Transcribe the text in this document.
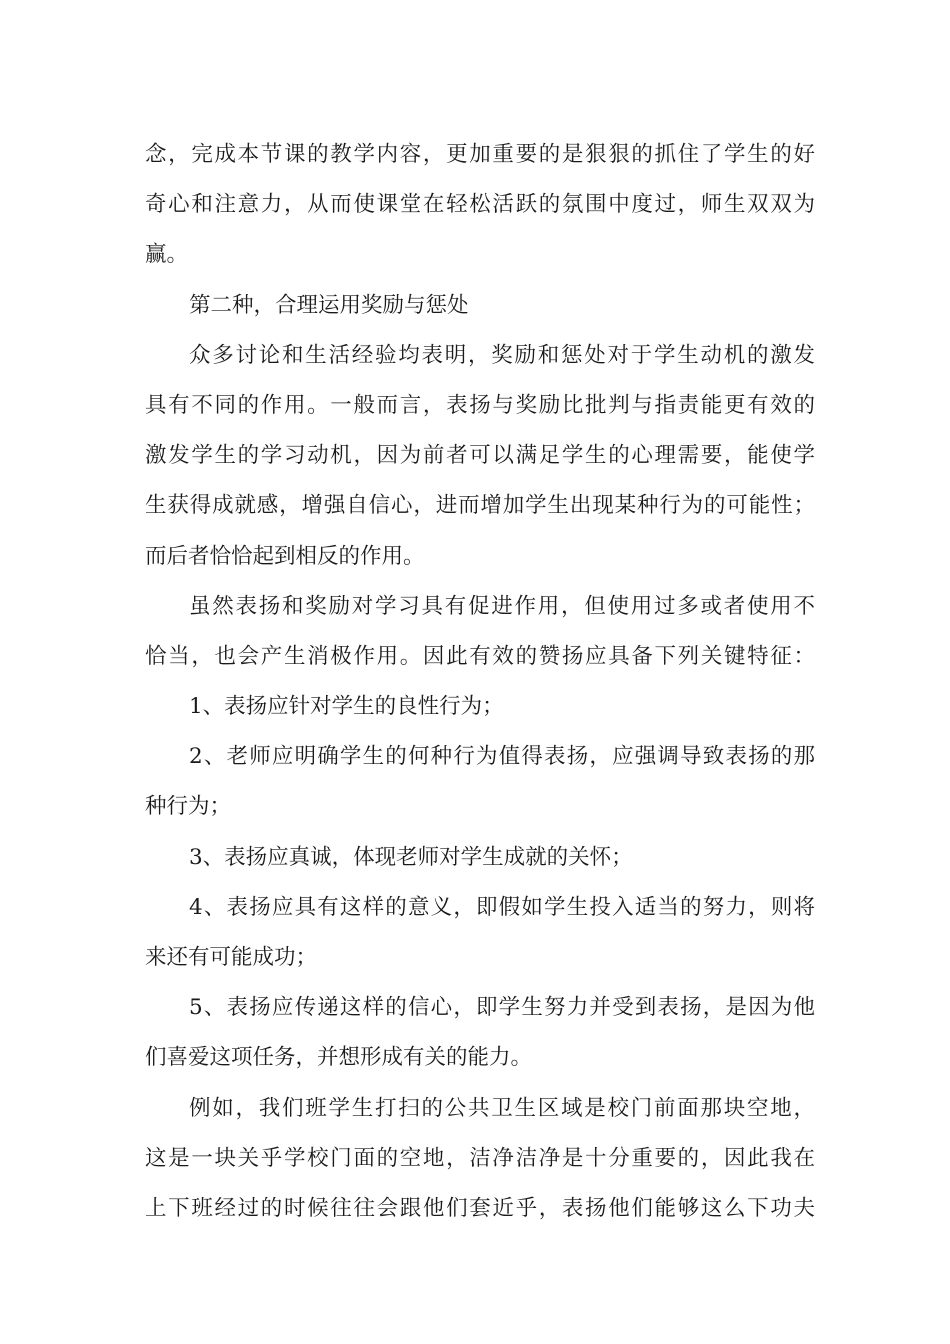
念，完成本节课的教学内容，更加重要的是狠狠的抓住了学生的好

奇心和注意力，从而使课堂在轻松活跃的氛围中度过，师生双双为

赢。

第二种，合理运用奖励与惩处

众多讨论和生活经验均表明，奖励和惩处对于学生动机的激发

具有不同的作用。一般而言，表扬与奖励比批判与指责能更有效的

激发学生的学习动机，因为前者可以满足学生的心理需要，能使学

生获得成就感，增强自信心，进而增加学生出现某种行为的可能性；

而后者恰恰起到相反的作用。

虽然表扬和奖励对学习具有促进作用，但使用过多或者使用不

恰当，也会产生消极作用。因此有效的赞扬应具备下列关键特征：

1、表扬应针对学生的良性行为；

2、老师应明确学生的何种行为值得表扬，应强调导致表扬的那

种行为；

3、表扬应真诚，体现老师对学生成就的关怀；

4、表扬应具有这样的意义，即假如学生投入适当的努力，则将

来还有可能成功；

5、表扬应传递这样的信心，即学生努力并受到表扬，是因为他

们喜爱这项任务，并想形成有关的能力。

例如，我们班学生打扫的公共卫生区域是校门前面那块空地，

这是一块关乎学校门面的空地，洁净洁净是十分重要的，因此我在

上下班经过的时候往往会跟他们套近乎，表扬他们能够这么下功夫
